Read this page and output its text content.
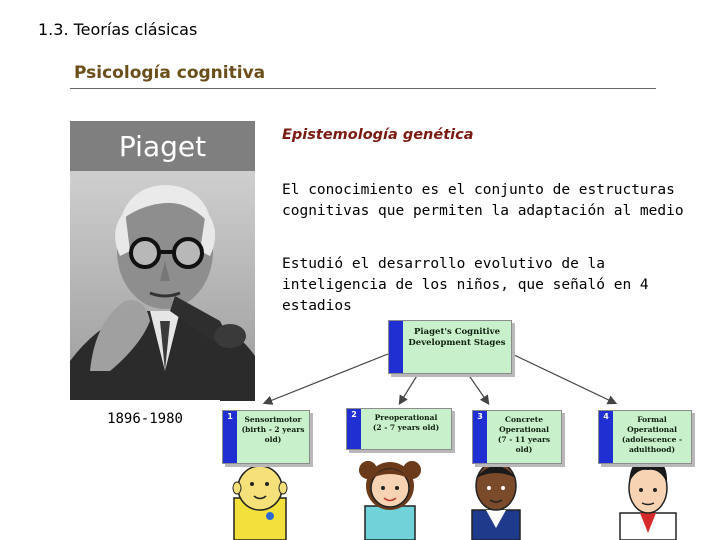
1.3. Teorías clásicas
Psicología cognitiva
Piaget
1896-1980
Epistemología genética
El conocimiento es el conjunto de estructuras cognitivas que permiten la adaptación al medio
Estudió el desarrollo evolutivo de la inteligencia de los niños, que señaló en 4 estadios
Piaget's Cognitive Development Stages
1	Sensorimotor
(birth - 2 years old)
2	Preoperational
(2 - 7 years old)
3	Concrete Operational
(7 - 11 years old)
4	Formal Operational
(adolescence - adulthood)
